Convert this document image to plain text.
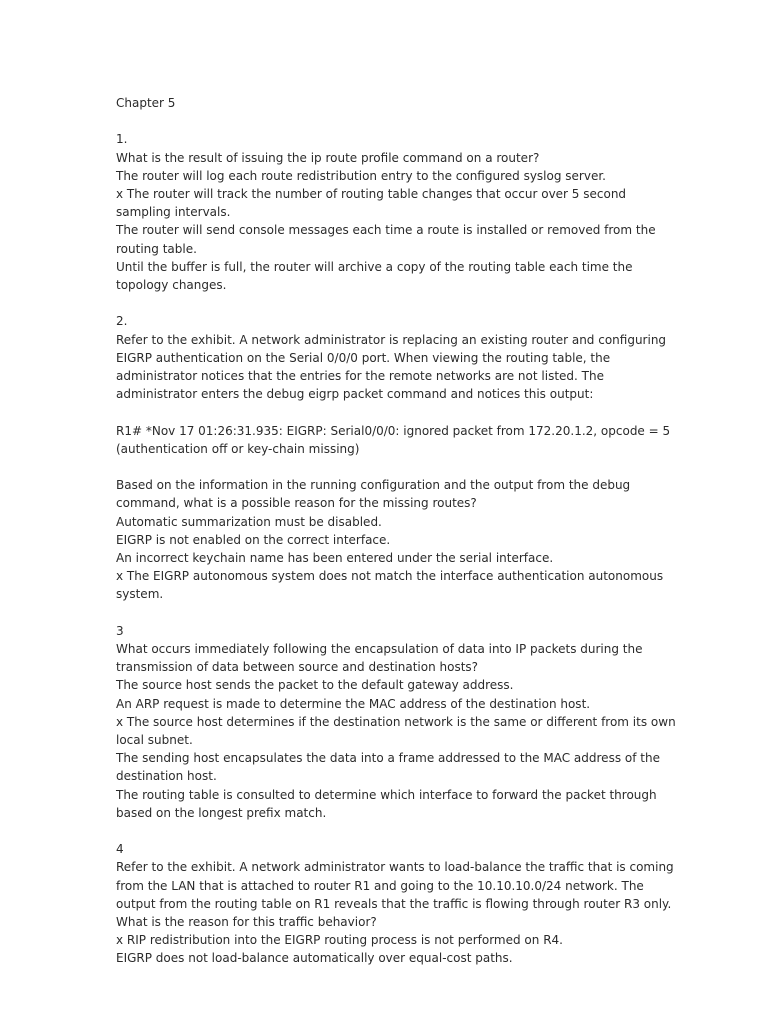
Chapter 5
1.
What is the result of issuing the ip route profile command on a router?
The router will log each route redistribution entry to the configured syslog server.
x The router will track the number of routing table changes that occur over 5 second
sampling intervals.
The router will send console messages each time a route is installed or removed from the
routing table.
Until the buffer is full, the router will archive a copy of the routing table each time the
topology changes.
2.
Refer to the exhibit. A network administrator is replacing an existing router and configuring
EIGRP authentication on the Serial 0/0/0 port. When viewing the routing table, the
administrator notices that the entries for the remote networks are not listed. The
administrator enters the debug eigrp packet command and notices this output:
R1# *Nov 17 01:26:31.935: EIGRP: Serial0/0/0: ignored packet from 172.20.1.2, opcode = 5
(authentication off or key-chain missing)
Based on the information in the running configuration and the output from the debug
command, what is a possible reason for the missing routes?
Automatic summarization must be disabled.
EIGRP is not enabled on the correct interface.
An incorrect keychain name has been entered under the serial interface.
x The EIGRP autonomous system does not match the interface authentication autonomous
system.
3
What occurs immediately following the encapsulation of data into IP packets during the
transmission of data between source and destination hosts?
The source host sends the packet to the default gateway address.
An ARP request is made to determine the MAC address of the destination host.
x The source host determines if the destination network is the same or different from its own
local subnet.
The sending host encapsulates the data into a frame addressed to the MAC address of the
destination host.
The routing table is consulted to determine which interface to forward the packet through
based on the longest prefix match.
4
Refer to the exhibit. A network administrator wants to load-balance the traffic that is coming
from the LAN that is attached to router R1 and going to the 10.10.10.0/24 network. The
output from the routing table on R1 reveals that the traffic is flowing through router R3 only.
What is the reason for this traffic behavior?
x RIP redistribution into the EIGRP routing process is not performed on R4.
EIGRP does not load-balance automatically over equal-cost paths.
